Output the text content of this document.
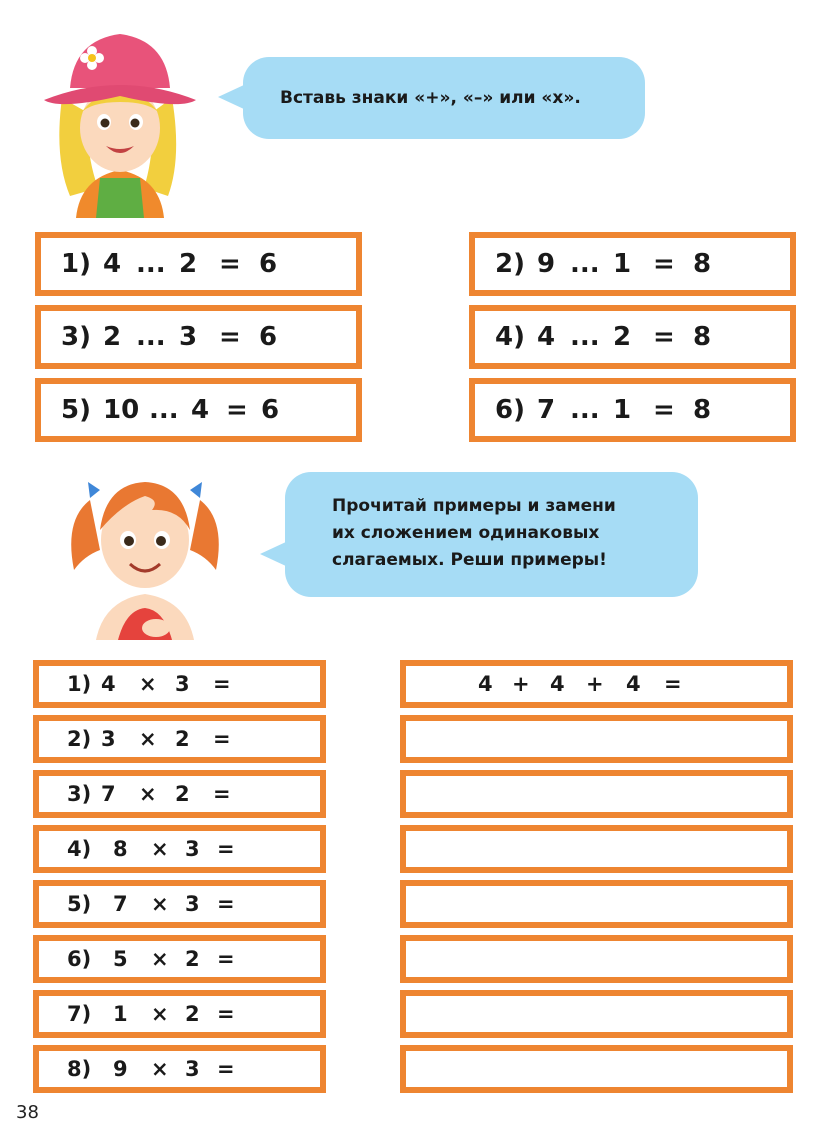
Вставь знаки «+», «–» или «х».
1) 4 ... 2 = 6	2) 9 ... 1 = 8
3) 2 ... 3 = 6	4) 4 ... 2 = 8
5) 10 ... 4 = 6	6) 7 ... 1 = 8
Прочитай примеры и замени
их сложением одинаковых
слагаемых. Реши примеры!
1) 4 × 3 =	4 + 4 + 4 =
2) 3 × 2 =
3) 7 × 2 =
4) 8 × 3 =
5) 7 × 3 =
6) 5 × 2 =
7) 1 × 2 =
8) 9 × 3 =
38
